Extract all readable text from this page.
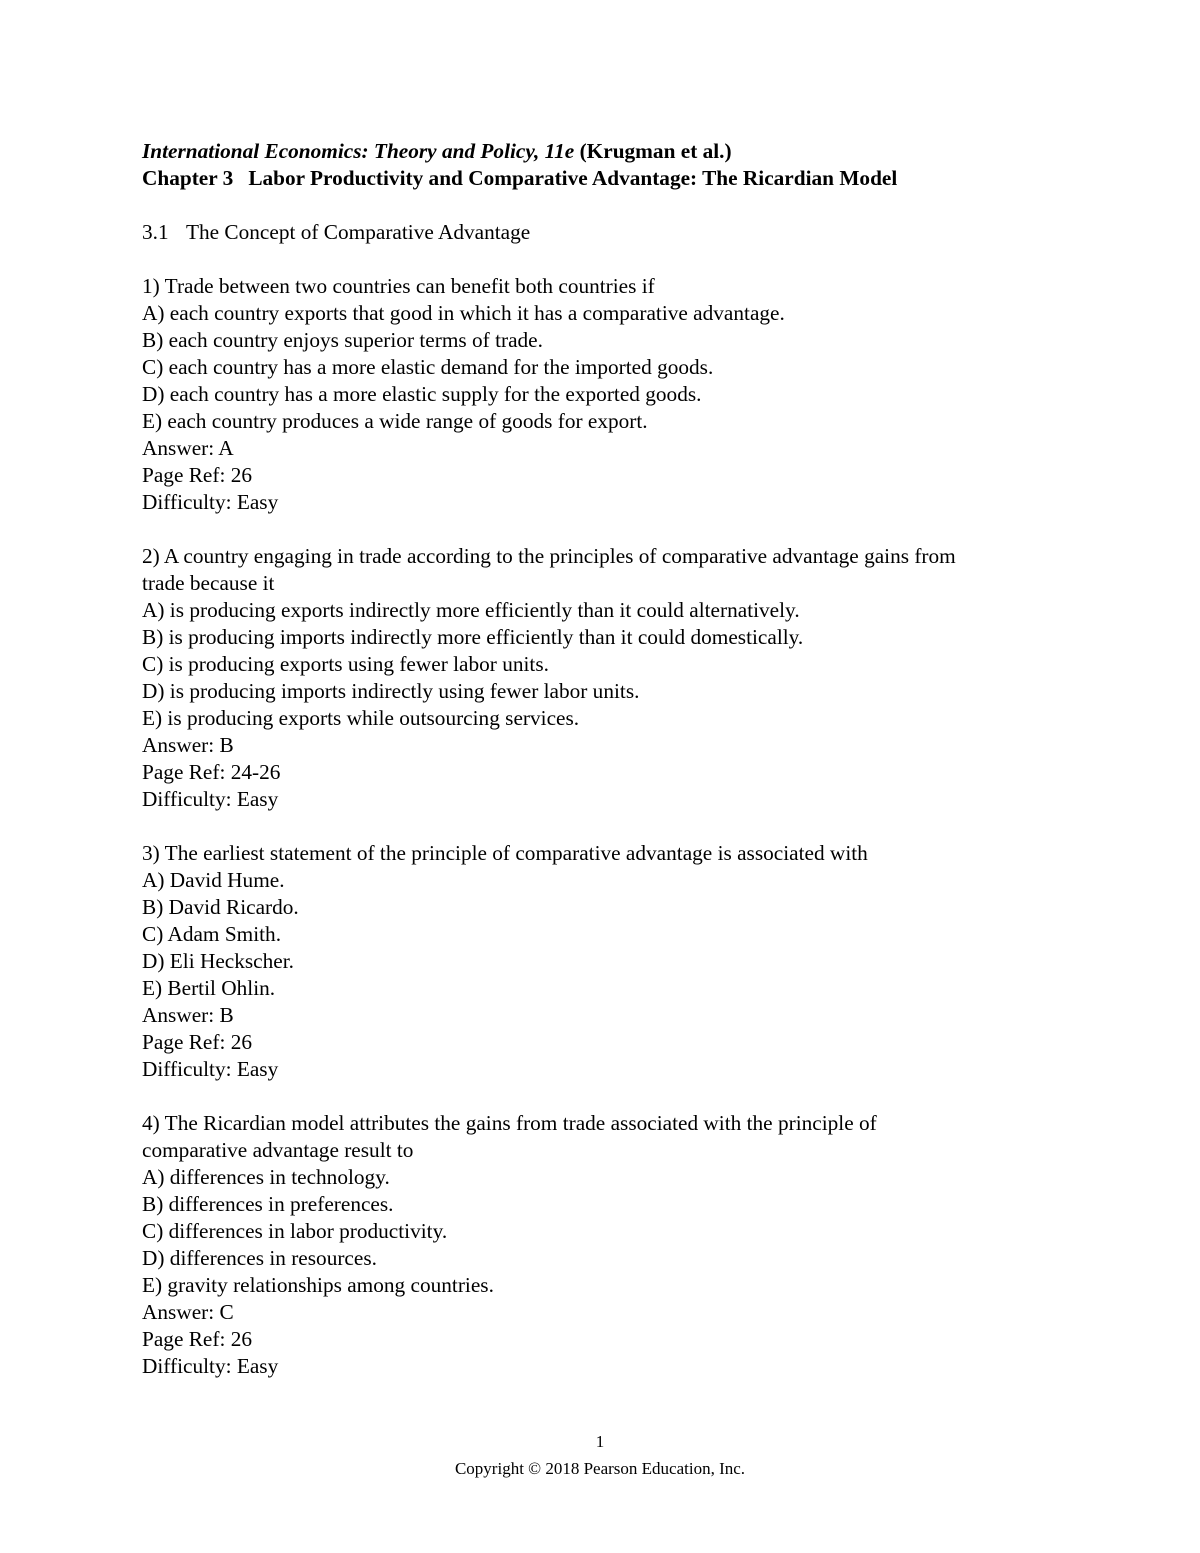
International Economics: Theory and Policy, 11e (Krugman et al.)
Chapter 3 Labor Productivity and Comparative Advantage: The Ricardian Model
3.1 The Concept of Comparative Advantage
1) Trade between two countries can benefit both countries if
A) each country exports that good in which it has a comparative advantage.
B) each country enjoys superior terms of trade.
C) each country has a more elastic demand for the imported goods.
D) each country has a more elastic supply for the exported goods.
E) each country produces a wide range of goods for export.
Answer: A
Page Ref: 26
Difficulty: Easy
2) A country engaging in trade according to the principles of comparative advantage gains from
trade because it
A) is producing exports indirectly more efficiently than it could alternatively.
B) is producing imports indirectly more efficiently than it could domestically.
C) is producing exports using fewer labor units.
D) is producing imports indirectly using fewer labor units.
E) is producing exports while outsourcing services.
Answer: B
Page Ref: 24-26
Difficulty: Easy
3) The earliest statement of the principle of comparative advantage is associated with
A) David Hume.
B) David Ricardo.
C) Adam Smith.
D) Eli Heckscher.
E) Bertil Ohlin.
Answer: B
Page Ref: 26
Difficulty: Easy
4) The Ricardian model attributes the gains from trade associated with the principle of
comparative advantage result to
A) differences in technology.
B) differences in preferences.
C) differences in labor productivity.
D) differences in resources.
E) gravity relationships among countries.
Answer: C
Page Ref: 26
Difficulty: Easy
1
Copyright © 2018 Pearson Education, Inc.
